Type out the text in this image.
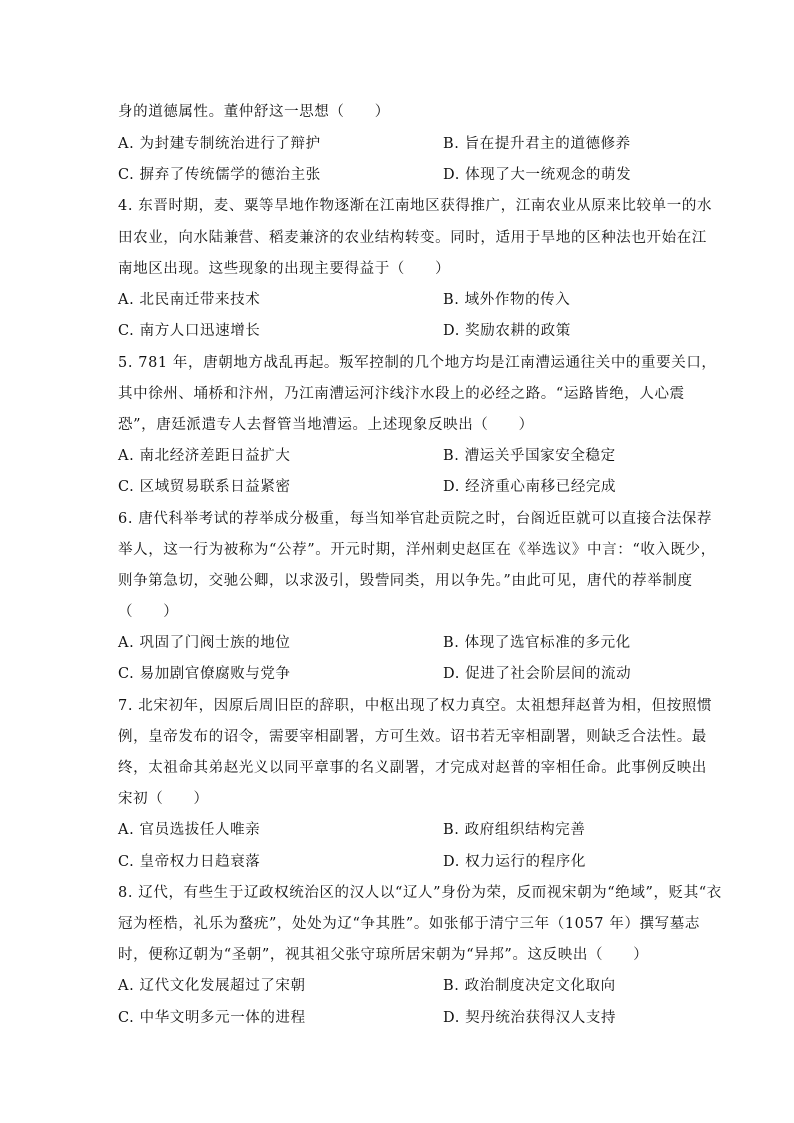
身的道德属性。董仲舒这一思想（　　）
A. 为封建专制统治进行了辩护	B. 旨在提升君主的道德修养
C. 摒弃了传统儒学的德治主张	D. 体现了大一统观念的萌发
4. 东晋时期，麦、粟等旱地作物逐渐在江南地区获得推广，江南农业从原来比较单一的水
田农业，向水陆兼营、稻麦兼济的农业结构转变。同时，适用于旱地的区种法也开始在江
南地区出现。这些现象的出现主要得益于（　　）
A. 北民南迁带来技术	B. 域外作物的传入
C. 南方人口迅速增长	D. 奖励农耕的政策
5. 781 年，唐朝地方战乱再起。叛军控制的几个地方均是江南漕运通往关中的重要关口，
其中徐州、埇桥和汴州，乃江南漕运河汴线汴水段上的必经之路。“运路皆绝，人心震
恐”，唐廷派遣专人去督管当地漕运。上述现象反映出（　　）
A. 南北经济差距日益扩大	B. 漕运关乎国家安全稳定
C. 区域贸易联系日益紧密	D. 经济重心南移已经完成
6. 唐代科举考试的荐举成分极重，每当知举官赴贡院之时，台阁近臣就可以直接合法保荐
举人，这一行为被称为“公荐”。开元时期，洋州刺史赵匡在《举选议》中言：“收入既少，
则争第急切，交驰公卿，以求汲引，毁訾同类，用以争先。”由此可见，唐代的荐举制度
（　　）
A. 巩固了门阀士族的地位	B. 体现了选官标准的多元化
C. 易加剧官僚腐败与党争	D. 促进了社会阶层间的流动
7. 北宋初年，因原后周旧臣的辞职，中枢出现了权力真空。太祖想拜赵普为相，但按照惯
例，皇帝发布的诏令，需要宰相副署，方可生效。诏书若无宰相副署，则缺乏合法性。最
终，太祖命其弟赵光义以同平章事的名义副署，才完成对赵普的宰相任命。此事例反映出
宋初（　　）
A. 官员选拔任人唯亲	B. 政府组织结构完善
C. 皇帝权力日趋衰落	D. 权力运行的程序化
8. 辽代，有些生于辽政权统治区的汉人以“辽人”身份为荣，反而视宋朝为“绝域”，贬其“衣
冠为桎梏，礼乐为蝥疣”，处处为辽“争其胜”。如张郁于清宁三年（1057 年）撰写墓志
时，便称辽朝为“圣朝”，视其祖父张守琼所居宋朝为“异邦”。这反映出（　　）
A. 辽代文化发展超过了宋朝	B. 政治制度决定文化取向
C. 中华文明多元一体的进程	D. 契丹统治获得汉人支持
